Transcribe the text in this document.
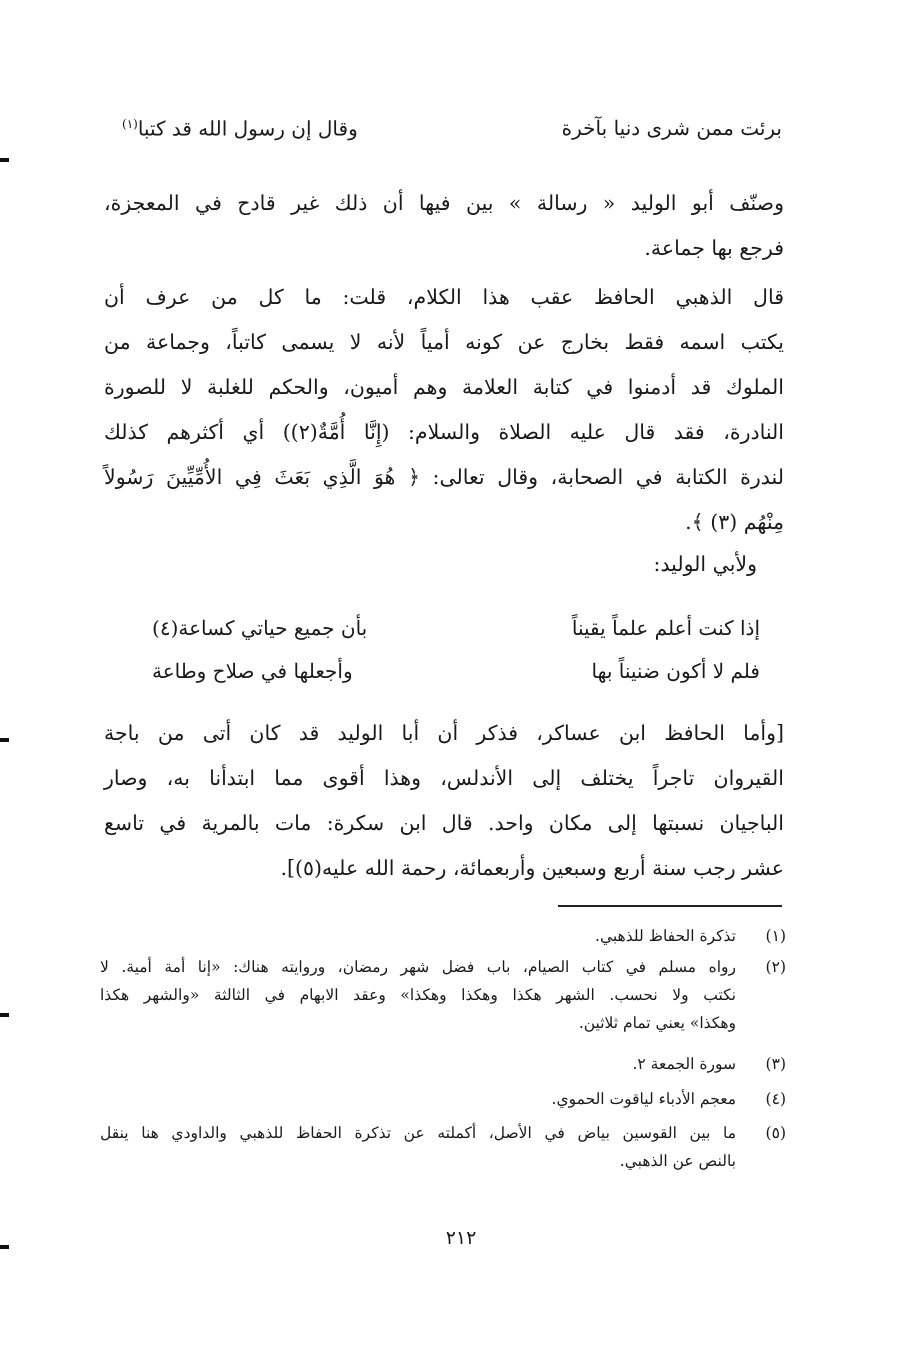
برئت ممن شرى دنيا بآخرة
وقال إن رسول الله قد كتبا$^{(١)}$
وصنّف أبو الوليد « رسالة » بين فيها أن ذلك غير قادح في المعجزة،
فرجع بها جماعة.
قال الذهبي الحافظ عقب هذا الكلام، قلت: ما كل من عرف أن
يكتب اسمه فقط بخارج عن كونه أمياً لأنه لا يسمى كاتباً، وجماعة من
الملوك قد أدمنوا في كتابة العلامة وهم أميون، والحكم للغلبة لا للصورة
النادرة، فقد قال عليه الصلاة والسلام: (إِنَّا أُمَّةٌ(٢)) أي أكثرهم كذلك
لندرة الكتابة في الصحابة، وقال تعالى: ﴿ هُوَ الَّذِي بَعَثَ فِي الأُمِّيِّينَ رَسُولاً
مِنْهُم (٣) ﴾.
ولأبي الوليد:
إذا كنت أعلم علماً يقيناً
بأن جميع حياتي كساعة(٤)
فلم لا أكون ضنيناً بها
وأجعلها في صلاح وطاعة
[وأما الحافظ ابن عساكر، فذكر أن أبا الوليد قد كان أتى من باجة
القيروان تاجراً يختلف إلى الأندلس، وهذا أقوى مما ابتدأنا به، وصار
الباجيان نسبتها إلى مكان واحد. قال ابن سكرة: مات بالمرية في تاسع
عشر رجب سنة أربع وسبعين وأربعمائة، رحمة الله عليه(٥)].
(١)
تذكرة الحفاظ للذهبي.
(٢)
رواه مسلم في كتاب الصيام، باب فضل شهر رمضان، وروايته هناك: «إنا أمة أمية. لا
نكتب ولا نحسب. الشهر هكذا وهكذا وهكذا» وعقد الابهام في الثالثة «والشهر هكذا
وهكذا» يعني تمام ثلاثين.
(٣)
سورة الجمعة ٢.
(٤)
معجم الأدباء لياقوت الحموي.
(٥)
ما بين القوسين بياض في الأصل، أكملته عن تذكرة الحفاظ للذهبي والداودي هنا ينقل
بالنص عن الذهبي.
٢١٢
